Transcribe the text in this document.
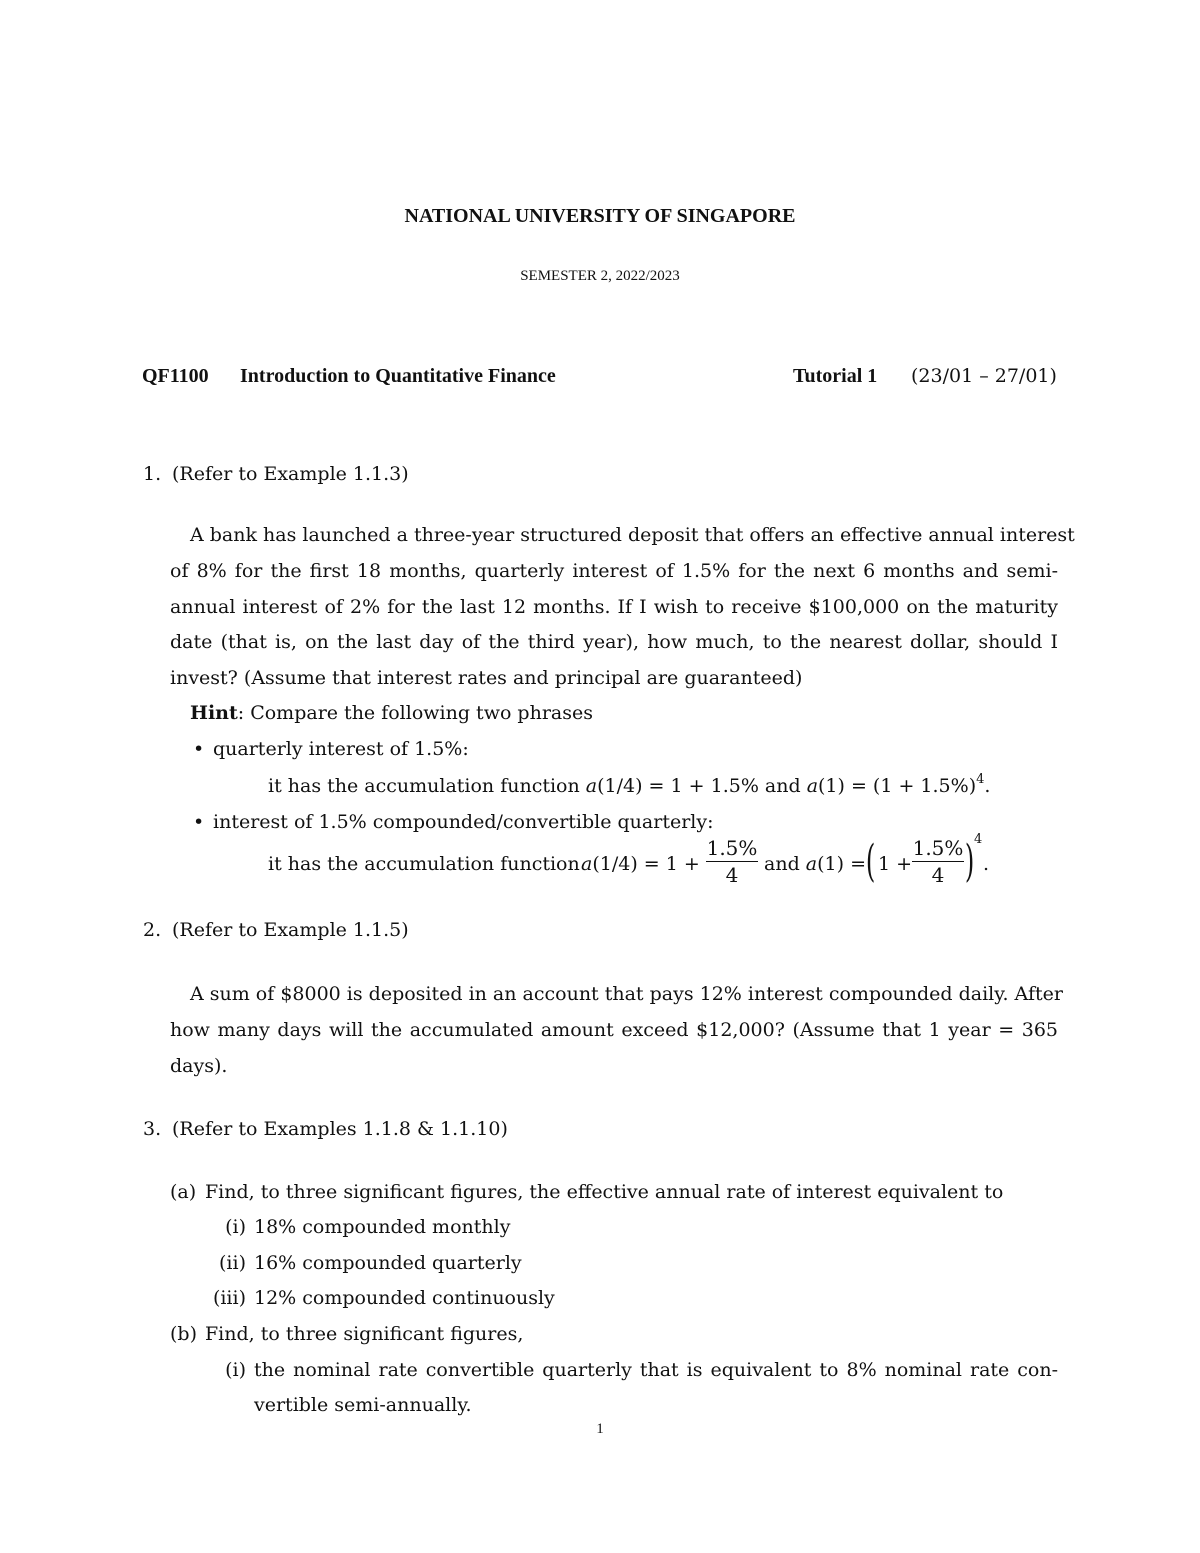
NATIONAL UNIVERSITY OF SINGAPORE
SEMESTER 2, 2022/2023
QF1100 Introduction to Quantitative Finance	Tutorial 1 (23/01 – 27/01)
1. (Refer to Example 1.1.3)
A bank has launched a three-year structured deposit that offers an effective annual interest
of 8% for the first 18 months, quarterly interest of 1.5% for the next 6 months and semi-
annual interest of 2% for the last 12 months. If I wish to receive $100,000 on the maturity
date (that is, on the last day of the third year), how much, to the nearest dollar, should I
invest? (Assume that interest rates and principal are guaranteed)
Hint: Compare the following two phrases
• quarterly interest of 1.5%:
it has the accumulation function a(1/4) = 1 + 1.5% and $a(1) = (1 + 1.5\%)^4$.
• interest of 1.5% compounded/convertible quarterly:
it has the accumulation function a(1/4) = 1 +
1.5%
4	and a(1) = ( 1 +
1.5%
4 ) 4
.
2. (Refer to Example 1.1.5)
A sum of $8000 is deposited in an account that pays 12% interest compounded daily. After
how many days will the accumulated amount exceed $12,000? (Assume that 1 year = 365
days).
3. (Refer to Examples 1.1.8 & 1.1.10)
(a) Find, to three significant figures, the effective annual rate of interest equivalent to
(i) 18% compounded monthly
(ii) 16% compounded quarterly
(iii) 12% compounded continuously
(b) Find, to three significant figures,
(i) the nominal rate convertible quarterly that is equivalent to 8% nominal rate con-
vertible semi-annually.
1
